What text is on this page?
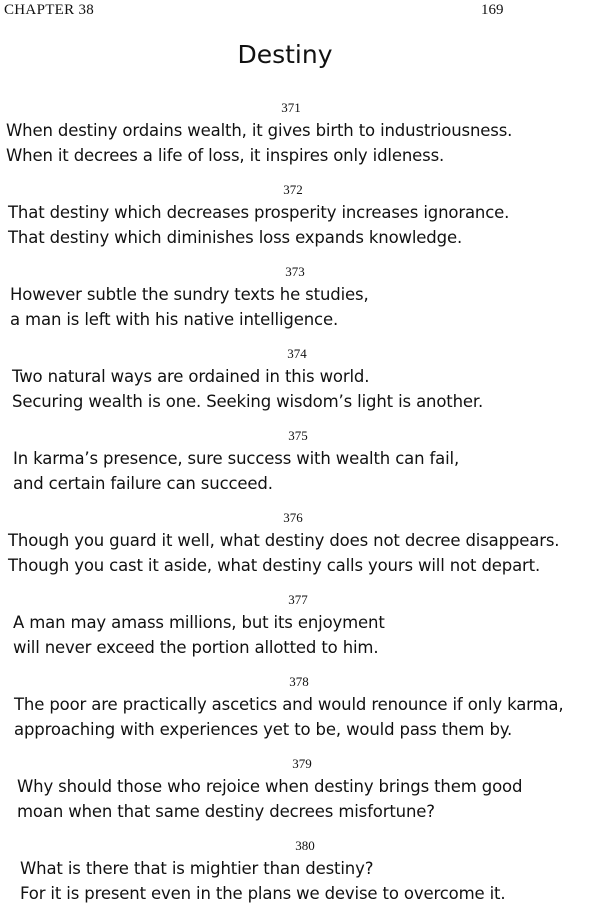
CHAPTER 38	169
Destiny
371
When destiny ordains wealth, it gives birth to industriousness.
When it decrees a life of loss, it inspires only idleness.
372
That destiny which decreases prosperity increases ignorance.
That destiny which diminishes loss expands knowledge.
373
However subtle the sundry texts he studies,
a man is left with his native intelligence.
374
Two natural ways are ordained in this world.
Securing wealth is one. Seeking wisdom’s light is another.
375
In karma’s presence, sure success with wealth can fail,
and certain failure can succeed.
376
Though you guard it well, what destiny does not decree disappears.
Though you cast it aside, what destiny calls yours will not depart.
377
A man may amass millions, but its enjoyment
will never exceed the portion allotted to him.
378
The poor are practically ascetics and would renounce if only karma,
approaching with experiences yet to be, would pass them by.
379
Why should those who rejoice when destiny brings them good
moan when that same destiny decrees misfortune?
380
What is there that is mightier than destiny?
For it is present even in the plans we devise to overcome it.
